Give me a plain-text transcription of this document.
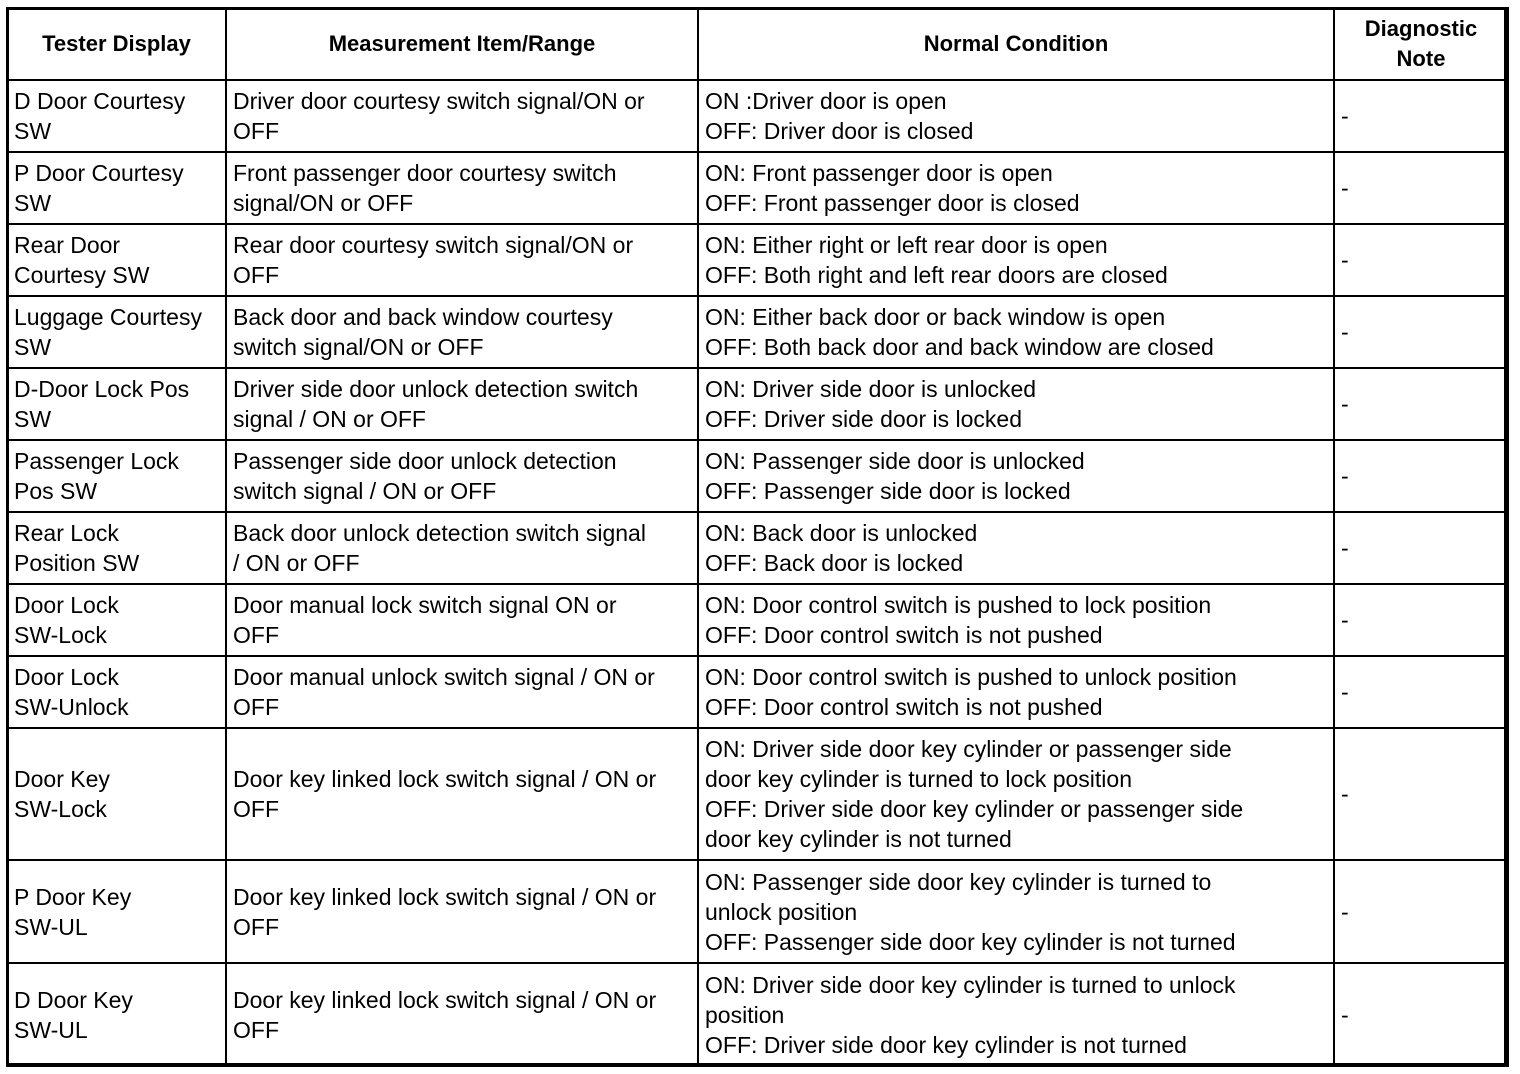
Tester Display	Measurement Item/Range	Normal Condition	Diagnostic
Note

D Door Courtesy
SW	Driver door courtesy switch signal/ON or
OFF	ON :Driver door is open
OFF: Driver door is closed	-

P Door Courtesy
SW	Front passenger door courtesy switch
signal/ON or OFF	ON: Front passenger door is open
OFF: Front passenger door is closed	-

Rear Door
Courtesy SW	Rear door courtesy switch signal/ON or
OFF	ON: Either right or left rear door is open
OFF: Both right and left rear doors are closed	-

Luggage Courtesy
SW	Back door and back window courtesy
switch signal/ON or OFF	ON: Either back door or back window is open
OFF: Both back door and back window are closed	-

D-Door Lock Pos
SW	Driver side door unlock detection switch
signal / ON or OFF	ON: Driver side door is unlocked
OFF: Driver side door is locked	-

Passenger Lock
Pos SW	Passenger side door unlock detection
switch signal / ON or OFF	ON: Passenger side door is unlocked
OFF: Passenger side door is locked	-

Rear Lock
Position SW	Back door unlock detection switch signal
/ ON or OFF	ON: Back door is unlocked
OFF: Back door is locked	-

Door Lock
SW-Lock	Door manual lock switch signal ON or
OFF	ON: Door control switch is pushed to lock position
OFF: Door control switch is not pushed	-

Door Lock
SW-Unlock	Door manual unlock switch signal / ON or
OFF	ON: Door control switch is pushed to unlock position
OFF: Door control switch is not pushed	-

Door Key
SW-Lock	Door key linked lock switch signal / ON or
OFF	ON: Driver side door key cylinder or passenger side
door key cylinder is turned to lock position
OFF: Driver side door key cylinder or passenger side
door key cylinder is not turned	-

P Door Key
SW-UL	Door key linked lock switch signal / ON or
OFF	ON: Passenger side door key cylinder is turned to
unlock position
OFF: Passenger side door key cylinder is not turned	-

D Door Key
SW-UL	Door key linked lock switch signal / ON or
OFF	ON: Driver side door key cylinder is turned to unlock
position
OFF: Driver side door key cylinder is not turned	-
